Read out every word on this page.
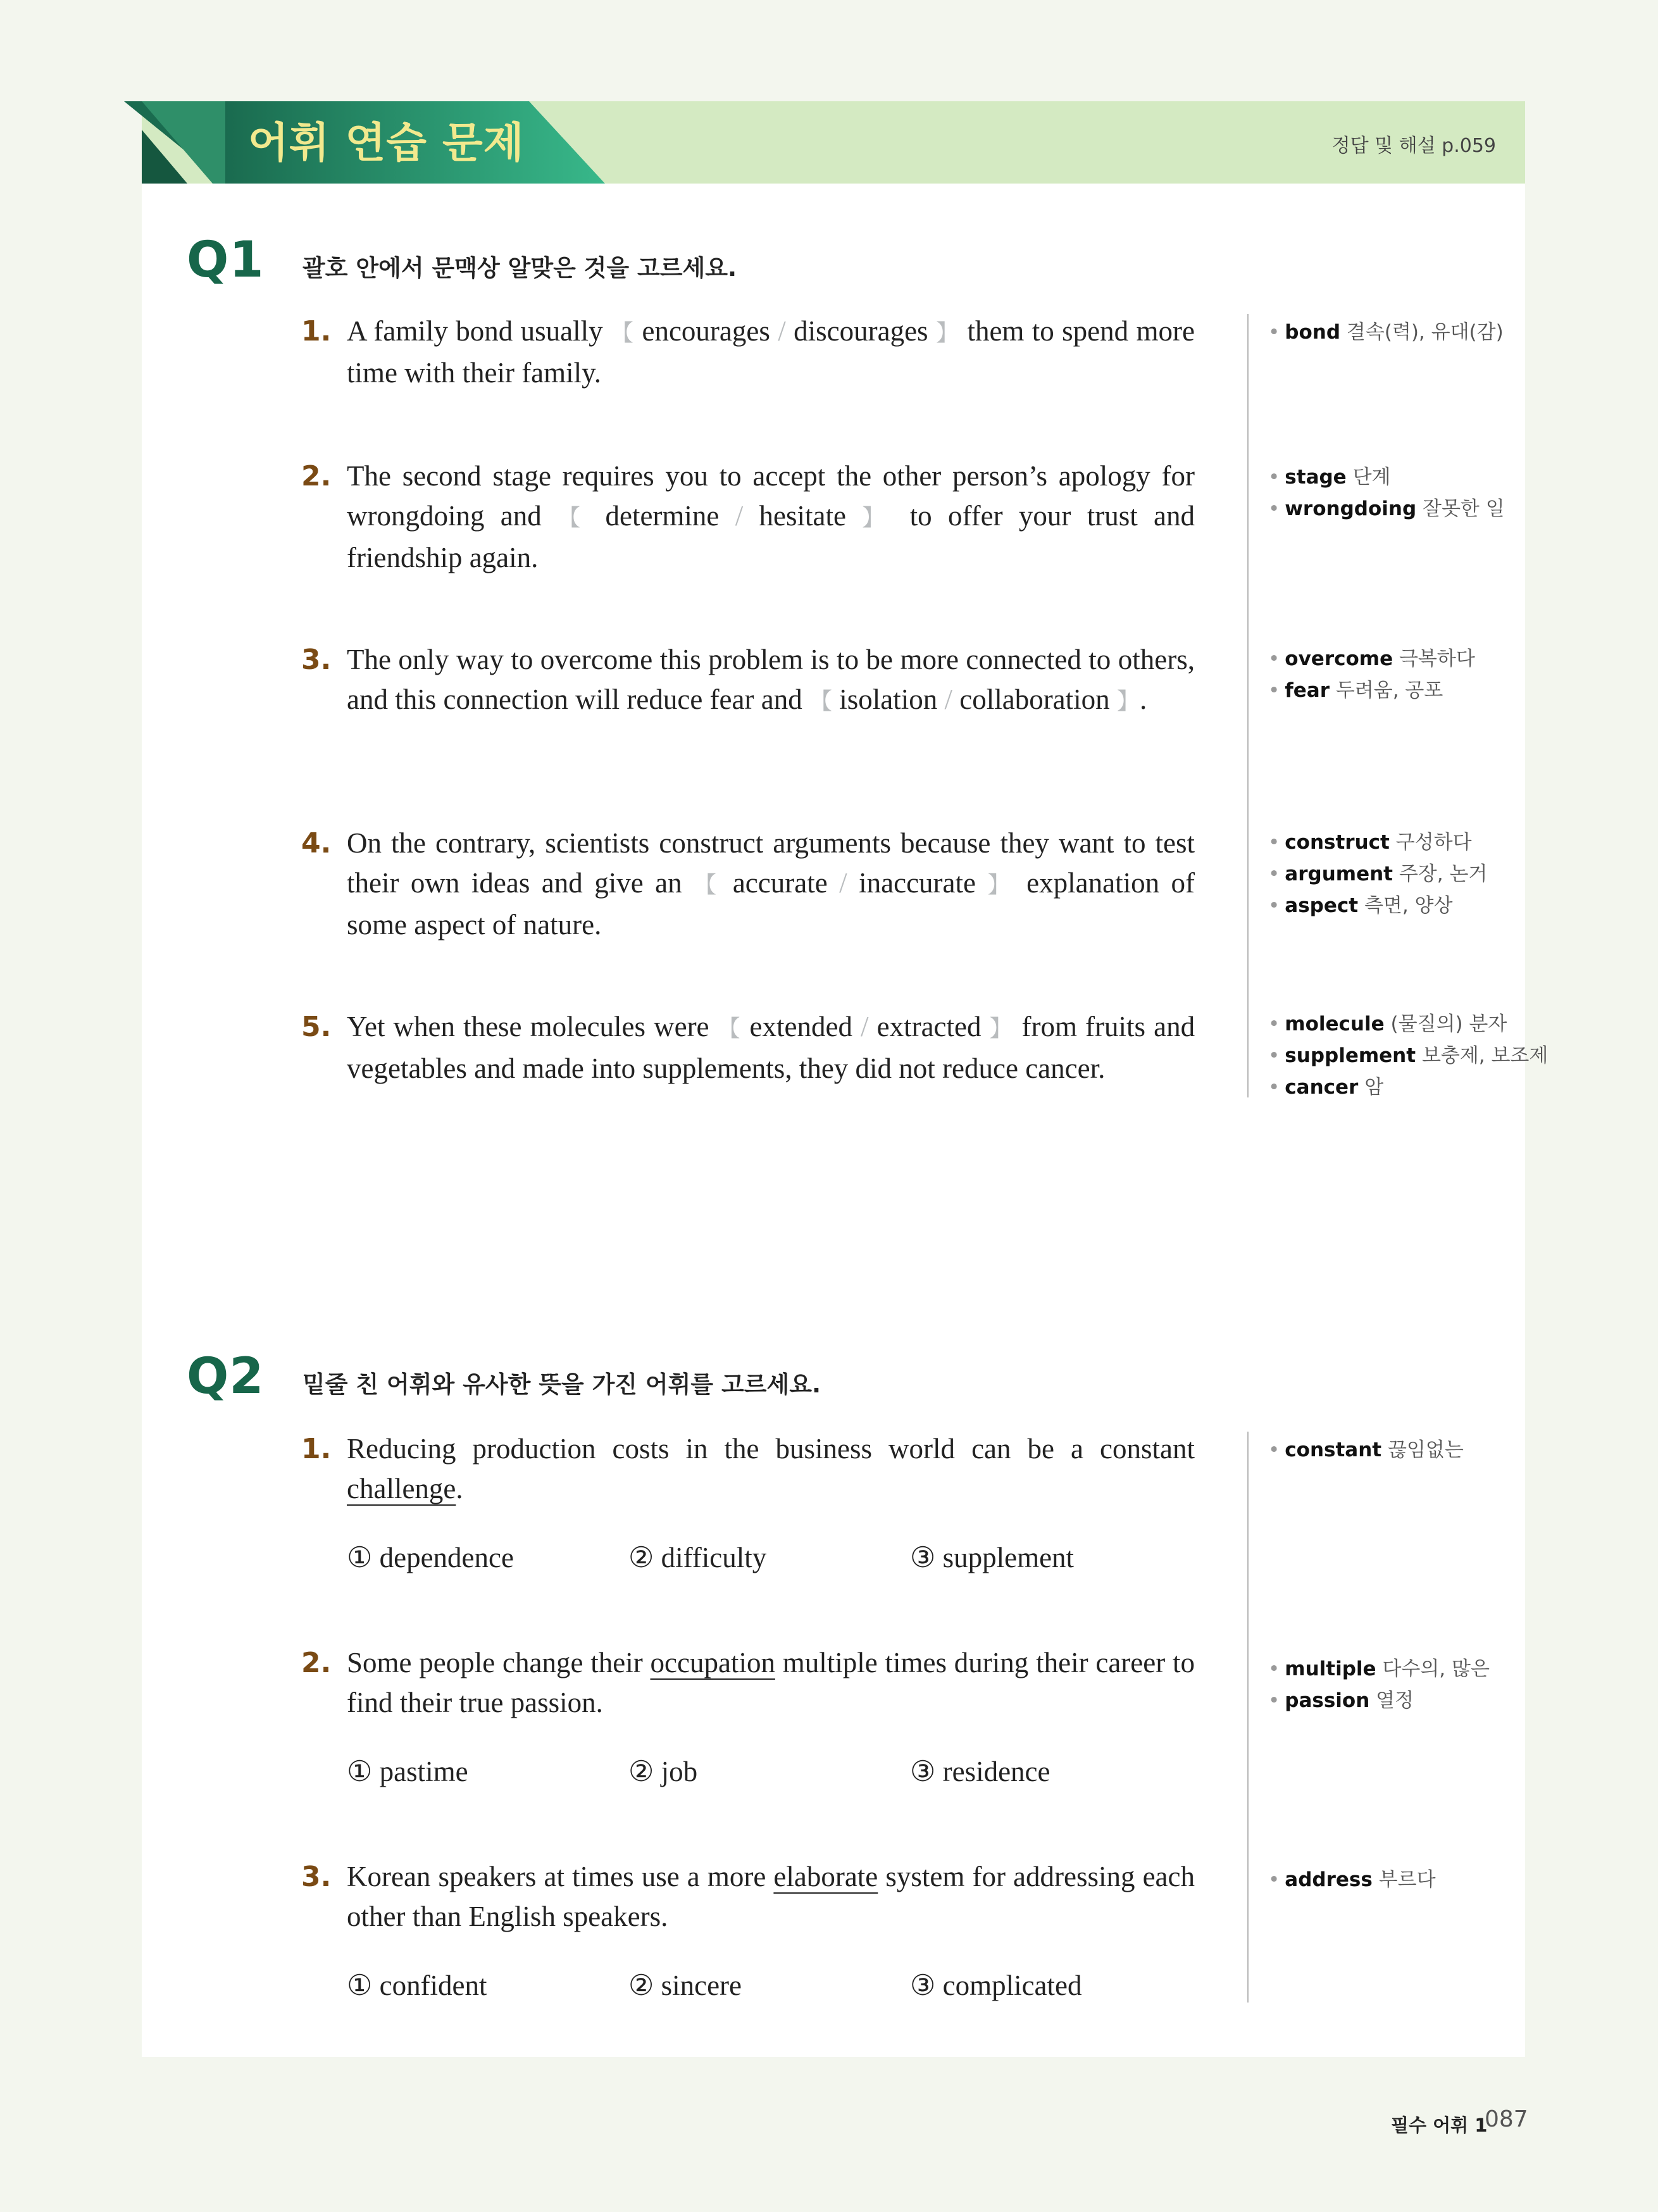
어휘 연습 문제	정답 및 해설 p.059
Q1 괄호 안에서 문맥상 알맞은 것을 고르세요.
1. A family bond usually 【 encourages / discourages 】 them to spend more time with their family.
• bond 결속(력), 유대(감)
2. The second stage requires you to accept the other person’s apology for wrongdoing and 【 determine / hesitate 】 to offer your trust and friendship again.
• stage 단계
• wrongdoing 잘못한 일
3. The only way to overcome this problem is to be more connected to others, and this connection will reduce fear and 【 isolation / collaboration 】.
• overcome 극복하다
• fear 두려움, 공포
4. On the contrary, scientists construct arguments because they want to test their own ideas and give an 【 accurate / inaccurate 】 explanation of some aspect of nature.
• construct 구성하다
• argument 주장, 논거
• aspect 측면, 양상
5. Yet when these molecules were 【 extended / extracted 】 from fruits and vegetables and made into supplements, they did not reduce cancer.
• molecule (물질의) 분자
• supplement 보충제, 보조제
• cancer 암
Q2 밑줄 친 어휘와 유사한 뜻을 가진 어휘를 고르세요.
1. Reducing production costs in the business world can be a constant challenge.
① dependence	② difficulty	③ supplement
• constant 끊임없는
2. Some people change their occupation multiple times during their career to find their true passion.
① pastime	② job	③ residence
• multiple 다수의, 많은
• passion 열정
3. Korean speakers at times use a more elaborate system for addressing each other than English speakers.
① confident	② sincere	③ complicated
• address 부르다
필수 어휘 1
087
